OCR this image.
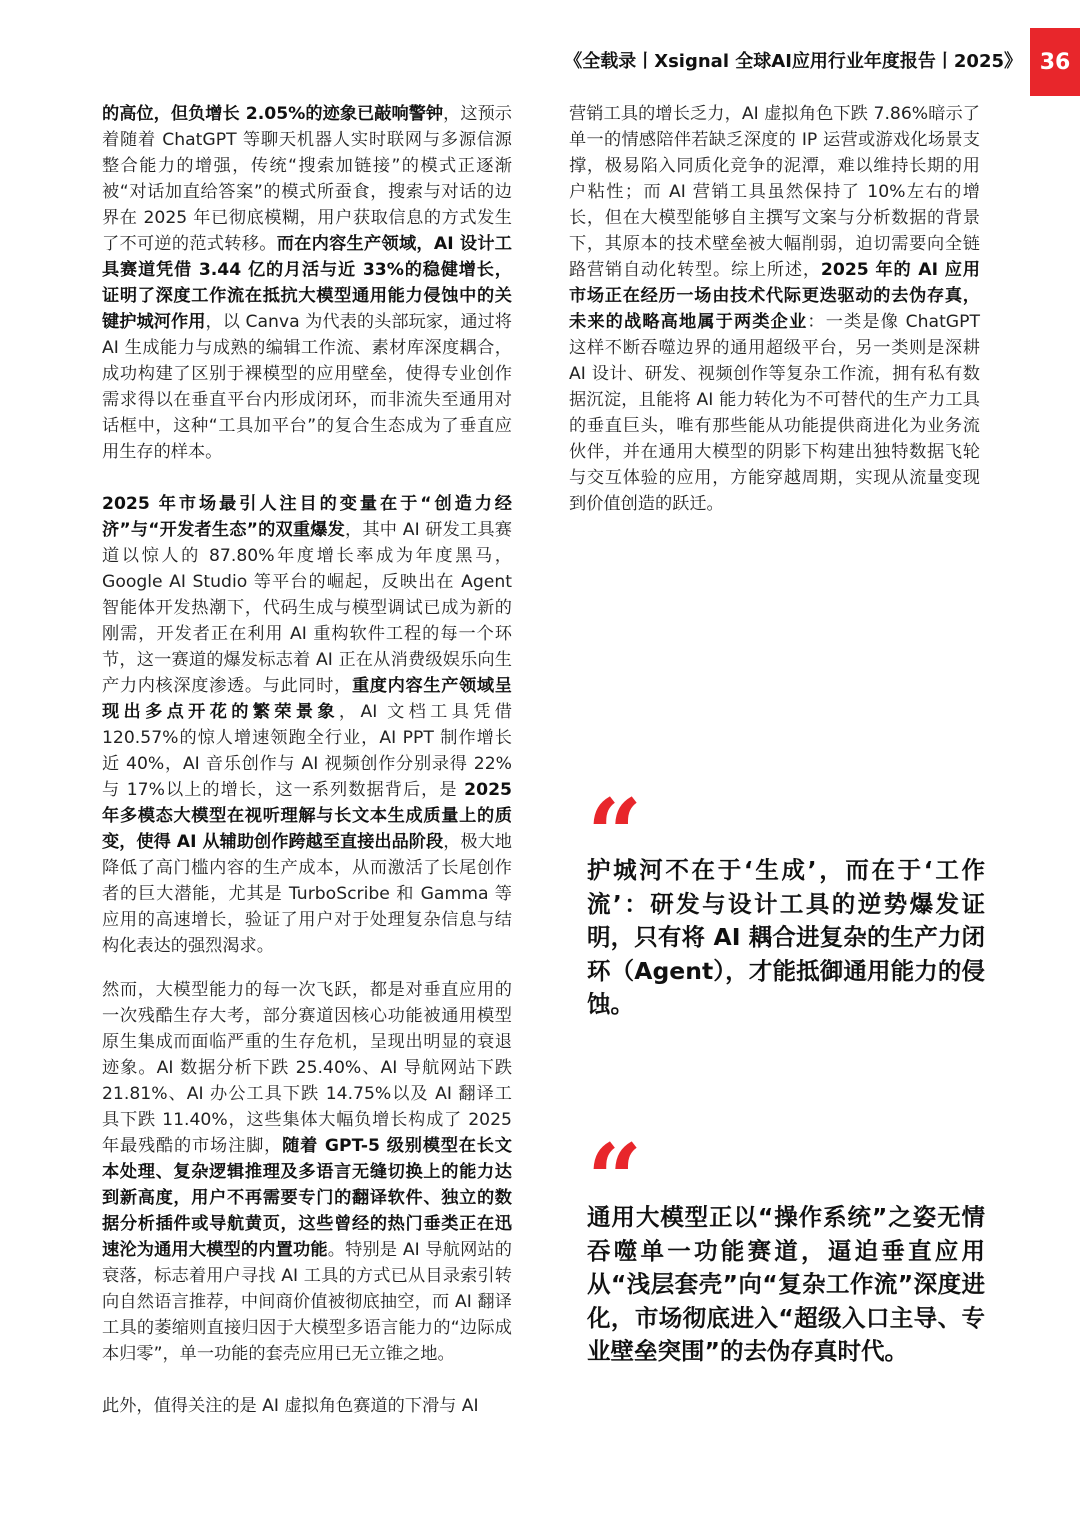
《全载录丨Xsignal 全球AI应用行业年度报告丨2025》 36

的高位，但负增长 2.05%的迹象已敲响警钟，这预示着随着 ChatGPT 等聊天机器人实时联网与多源信源整合能力的增强，传统“搜索加链接”的模式正逐渐被“对话加直给答案”的模式所蚕食，搜索与对话的边界在 2025 年已彻底模糊，用户获取信息的方式发生了不可逆的范式转移。而在内容生产领域，AI 设计工具赛道凭借 3.44 亿的月活与近 33%的稳健增长，证明了深度工作流在抵抗大模型通用能力侵蚀中的关键护城河作用，以 Canva 为代表的头部玩家，通过将 AI 生成能力与成熟的编辑工作流、素材库深度耦合，成功构建了区别于裸模型的应用壁垒，使得专业创作需求得以在垂直平台内形成闭环，而非流失至通用对话框中，这种“工具加平台”的复合生态成为了垂直应用生存的样本。

2025 年市场最引人注目的变量在于“创造力经济”与“开发者生态”的双重爆发，其中 AI 研发工具赛道以惊人的 87.80%年度增长率成为年度黑马，Google AI Studio 等平台的崛起，反映出在 Agent 智能体开发热潮下，代码生成与模型调试已成为新的刚需，开发者正在利用 AI 重构软件工程的每一个环节，这一赛道的爆发标志着 AI 正在从消费级娱乐向生产力内核深度渗透。与此同时，重度内容生产领域呈现出多点开花的繁荣景象，AI 文档工具凭借 120.57%的惊人增速领跑全行业，AI PPT 制作增长近 40%，AI 音乐创作与 AI 视频创作分别录得 22%与 17%以上的增长，这一系列数据背后，是 2025 年多模态大模型在视听理解与长文本生成质量上的质变，使得 AI 从辅助创作跨越至直接出品阶段，极大地降低了高门槛内容的生产成本，从而激活了长尾创作者的巨大潜能，尤其是 TurboScribe 和 Gamma 等应用的高速增长，验证了用户对于处理复杂信息与结构化表达的强烈渴求。

然而，大模型能力的每一次飞跃，都是对垂直应用的一次残酷生存大考，部分赛道因核心功能被通用模型原生集成而面临严重的生存危机，呈现出明显的衰退迹象。AI 数据分析下跌 25.40%、AI 导航网站下跌 21.81%、AI 办公工具下跌 14.75%以及 AI 翻译工具下跌 11.40%，这些集体大幅负增长构成了 2025 年最残酷的市场注脚，随着 GPT-5 级别模型在长文本处理、复杂逻辑推理及多语言无缝切换上的能力达到新高度，用户不再需要专门的翻译软件、独立的数据分析插件或导航黄页，这些曾经的热门垂类正在迅速沦为通用大模型的内置功能。特别是 AI 导航网站的衰落，标志着用户寻找 AI 工具的方式已从目录索引转向自然语言推荐，中间商价值被彻底抽空，而 AI 翻译工具的萎缩则直接归因于大模型多语言能力的“边际成本归零”，单一功能的套壳应用已无立锥之地。

此外，值得关注的是 AI 虚拟角色赛道的下滑与 AI

营销工具的增长乏力，AI 虚拟角色下跌 7.86%暗示了单一的情感陪伴若缺乏深度的 IP 运营或游戏化场景支撑，极易陷入同质化竞争的泥潭，难以维持长期的用户粘性；而 AI 营销工具虽然保持了 10%左右的增长，但在大模型能够自主撰写文案与分析数据的背景下，其原本的技术壁垒被大幅削弱，迫切需要向全链路营销自动化转型。综上所述，2025 年的 AI 应用市场正在经历一场由技术代际更迭驱动的去伪存真，未来的战略高地属于两类企业：一类是像 ChatGPT 这样不断吞噬边界的通用超级平台，另一类则是深耕 AI 设计、研发、视频创作等复杂工作流，拥有私有数据沉淀，且能将 AI 能力转化为不可替代的生产力工具的垂直巨头，唯有那些能从功能提供商进化为业务流伙伴，并在通用大模型的阴影下构建出独特数据飞轮与交互体验的应用，方能穿越周期，实现从流量变现到价值创造的跃迁。

“

护城河不在于‘生成’，而在于‘工作流’：研发与设计工具的逆势爆发证明，只有将 AI 耦合进复杂的生产力闭环（Agent），才能抵御通用能力的侵蚀。

“

通用大模型正以“操作系统”之姿无情吞噬单一功能赛道，逼迫垂直应用从“浅层套壳”向“复杂工作流”深度进化，市场彻底进入“超级入口主导、专业壁垒突围”的去伪存真时代。
